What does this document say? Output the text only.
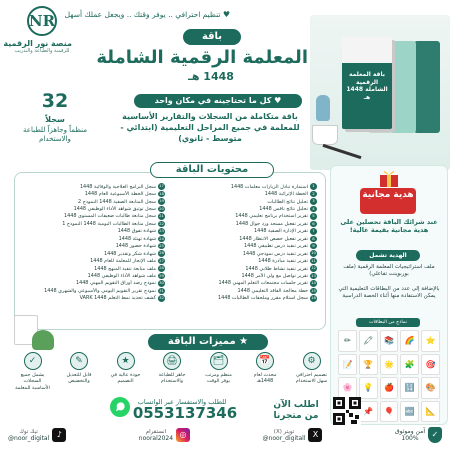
NR
منصة نور الرقمية
للرقمنة والطباعة والتدريب
♥ تنظيم احترافي .. يوفر وقتك .. ويجعل عملك أسهل
باقة
المعلمة الرقمية الشاملة
1448 هـ
32
سجلاً
منظماً وجاهزاً للطباعة والاستخدام
♥ كل ما تحتاجينه في مكان واحد
باقة متكاملة من السجلات والتقارير الأساسية للمعلمة في جميع المراحل التعليمية (ابتدائي - متوسط - ثانوي)
باقة المعلمة الرقمية الشاملة 1448 هـ
1
استمارة تبادل الزيارات معلمات 1448
2
الخطة الإثرائية 1448
3
تحليل نتائج الطالبات
4
تحليل نتائج نافس 1448
5
تقرير استخدام برنامج تعليمي 1448
6
تقرير تفعيل مسجد ورد جوال 1448
7
تقرير الإدارة الصفية 1448
8
تقرير تفعيل حصص الانتظار 1448
9
تقرير تنفيذ درس تطبيقي 1448
10
تقرير تنفيذ درس نموذجي 1448
11
تقرير تنفيذ مبادرة 1448
12
تقرير تنفيذ نشاط طلابي 1448
13
تقرير تواصل مع ولي الأمر 1448
14
تقرير جلسات مجتمعات التعلم المهني 1448
15
خطة معالجة الفاقد التعليمي 1448
16
سجل استلام مقرر وملحقات الطالبات 1448
17
سجل البرامج العلاجية والوقائية 1448
18
سجل الخطة الأسبوعية العام 1448
19
سجل المتابعة الصفية 1448 النموذج 2
20
سجل توثيق شواهد الأداء الوظيفي 1448
21
سجل متابعة طالبات ضعيفات المستوى 1448
22
سجل متابعة الطالبات اليومية 1448 النموذج 1
23
شهادة تفوق 1448
24
شهادة تهنئة 1448
25
شهادة حضور 1448
26
شهادة شكر وتقدير 1448
27
ملف الإنجاز للمعلمة للعام 1448
28
ملف متابعة تنفيذ المنهج 1448
29
ملف شواهد الأداء الوظيفي 1448
30
نموذج رصد أوراق التقويم المهني 1448
31
نموذج تقرير التقويم اليومي والأسبوعي والشهري 1448
32
كشف تحديد نمط التعلم VARK 1448
محتويات الباقة
هدية مجانية
عند شرائك الباقة تحصلين على هدية مجانية بقيمة عالية!
الهدية تشمل
ملف استراتيجيات المعلمة الرقمية (ملف بوربوينت تفاعلي)
بالإضافة إلى عدد من البطاقات التعليمية التي يمكن الاستفادة منها أثناء الحصة الدراسية
نماذج من البطاقات
⭐
🌈
📚
🖍
✏
🎯
🧩
🌟
🏆
📝
🎨
🔢
🍎
💡
🌸
📐
🔤
🎈
📌
★ مميزات الباقة
⚙
تصميم احترافي سهل الاستخدام
📅
محدث لعام 1448هـ
🗂
منظم ومرتب يوفر الوقت
🖨
جاهز للطباعة والاستخدام
★
جودة عالية في التصميم
✎
قابل للتعديل والتخصيص
✓
يشمل جميع السجلات الأساسية للمعلمة
للطلب والاستفسار عبر الواتساب
0553137346	اطلب الآن من متجرنا
✓
آمن وموثوق
100%
X
تويتر (X)
@noor_digitall
◎
انستقرام
nooral2024
♪
تيك توك
@noor_digital
